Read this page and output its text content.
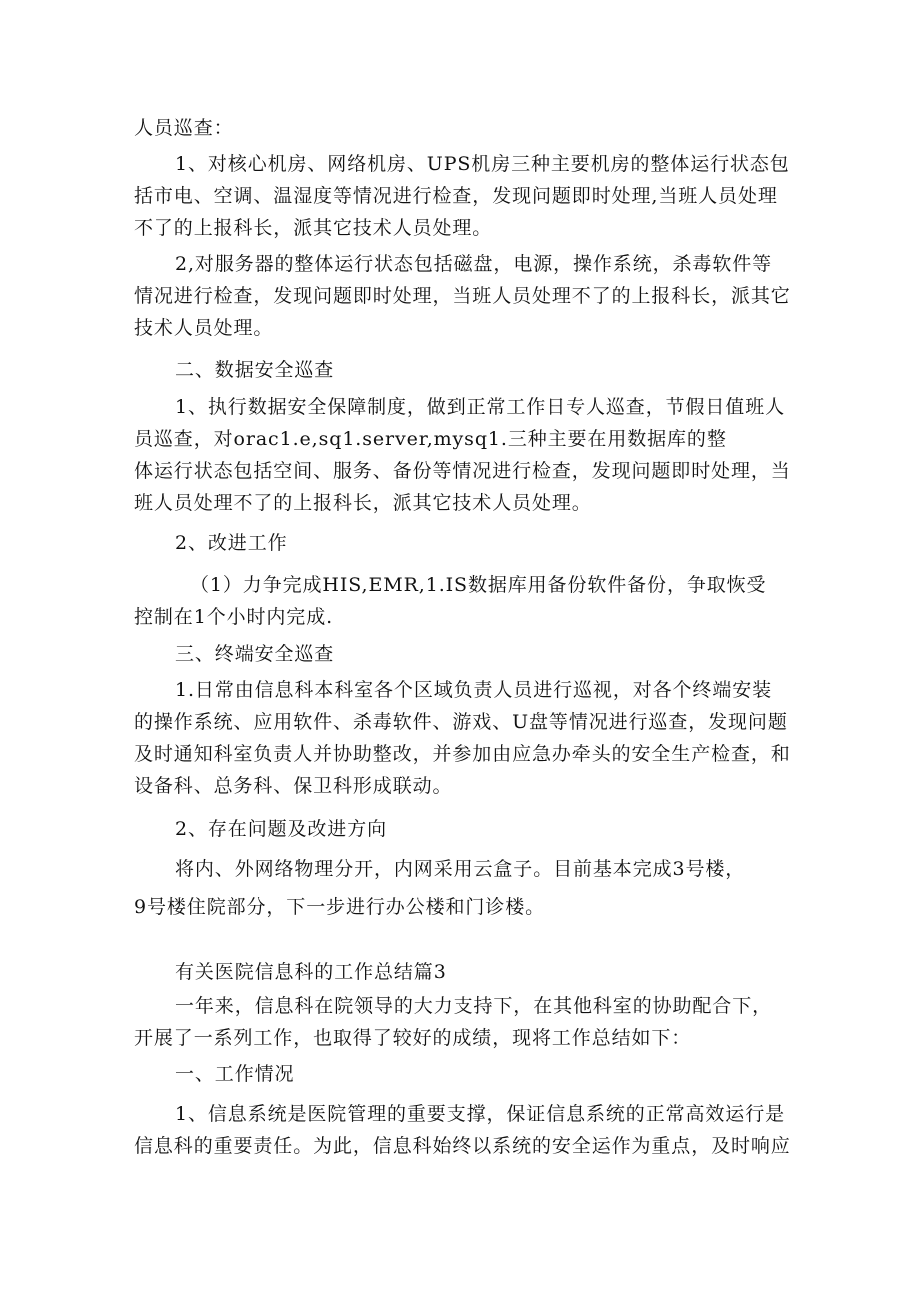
人员巡查：
1、对核心机房、网络机房、UPS机房三种主要机房的整体运行状态包
括市电、空调、温湿度等情况进行检查，发现问题即时处理,当班人员处理
不了的上报科长，派其它技术人员处理。
2,对服务器的整体运行状态包括磁盘，电源，操作系统，杀毒软件等
情况进行检查，发现问题即时处理，当班人员处理不了的上报科长，派其它
技术人员处理。
二、数据安全巡查
1、执行数据安全保障制度，做到正常工作日专人巡查，节假日值班人
员巡查，对orac1.e,sq1.server,mysq1.三种主要在用数据库的整
体运行状态包括空间、服务、备份等情况进行检查，发现问题即时处理，当
班人员处理不了的上报科长，派其它技术人员处理。
2、改进工作
（1）力争完成HIS,EMR,1.IS数据库用备份软件备份，争取恢受
控制在1个小时内完成.
三、终端安全巡查
1.日常由信息科本科室各个区域负责人员进行巡视，对各个终端安装
的操作系统、应用软件、杀毒软件、游戏、U盘等情况进行巡查，发现问题
及时通知科室负责人并协助整改，并参加由应急办牵头的安全生产检查，和
设备科、总务科、保卫科形成联动。
2、存在问题及改进方向
将内、外网络物理分开，内网采用云盒子。目前基本完成3号楼，
9号楼住院部分，下一步进行办公楼和门诊楼。
有关医院信息科的工作总结篇3
一年来，信息科在院领导的大力支持下，在其他科室的协助配合下，
开展了一系列工作，也取得了较好的成绩，现将工作总结如下：
一、工作情况
1、信息系统是医院管理的重要支撑，保证信息系统的正常高效运行是
信息科的重要责任。为此，信息科始终以系统的安全运作为重点，及时响应
